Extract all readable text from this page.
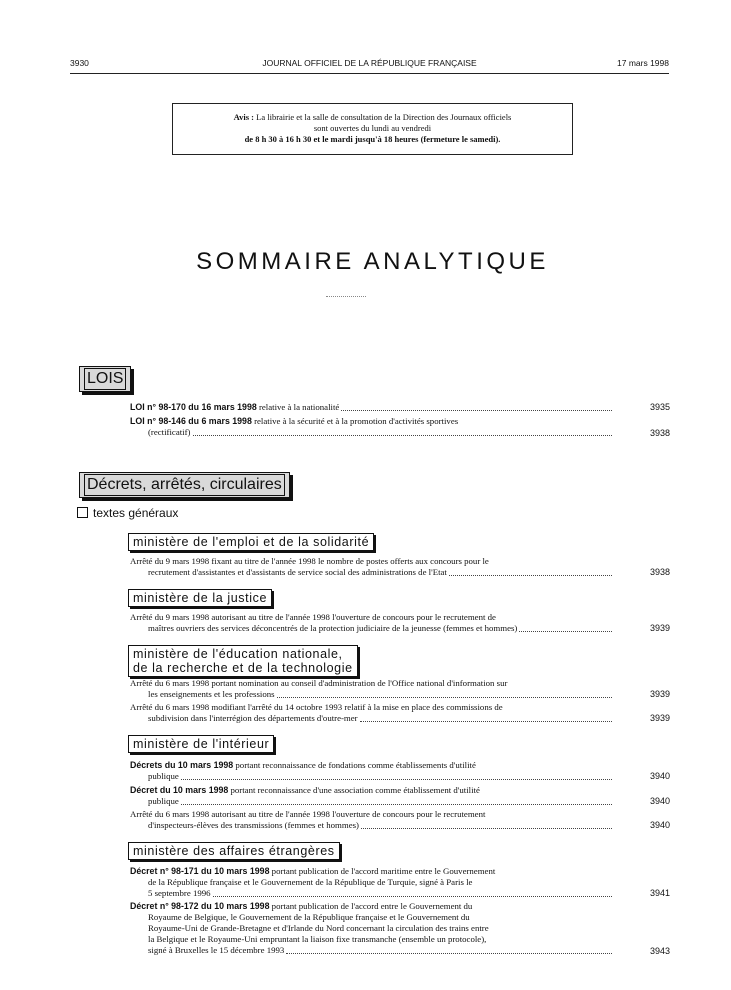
3930	JOURNAL OFFICIEL DE LA RÉPUBLIQUE FRANÇAISE	17 mars 1998
Avis : La librairie et la salle de consultation de la Direction des Journaux officiels
sont ouvertes du lundi au vendredi
de 8 h 30 à 16 h 30 et le mardi jusqu'à 18 heures (fermeture le samedi).
SOMMAIRE ANALYTIQUE
LOIS
LOI n° 98-170 du 16 mars 1998 relative à la nationalité	3935
LOI n° 98-146 du 6 mars 1998 relative à la sécurité et à la promotion d'activités sportives
(rectificatif)	3938
Décrets, arrêtés, circulaires
textes généraux
ministère de l'emploi et de la solidarité
Arrêté du 9 mars 1998 fixant au titre de l'année 1998 le nombre de postes offerts aux concours pour le
recrutement d'assistantes et d'assistants de service social des administrations de l'Etat	3938
ministère de la justice
Arrêté du 9 mars 1998 autorisant au titre de l'année 1998 l'ouverture de concours pour le recrutement de
maîtres ouvriers des services déconcentrés de la protection judiciaire de la jeunesse (femmes et hommes)	3939
ministère de l'éducation nationale,
de la recherche et de la technologie
Arrêté du 6 mars 1998 portant nomination au conseil d'administration de l'Office national d'information sur
les enseignements et les professions	3939
Arrêté du 6 mars 1998 modifiant l'arrêté du 14 octobre 1993 relatif à la mise en place des commissions de
subdivision dans l'interrégion des départements d'outre-mer	3939
ministère de l'intérieur
Décrets du 10 mars 1998 portant reconnaissance de fondations comme établissements d'utilité
publique	3940
Décret du 10 mars 1998 portant reconnaissance d'une association comme établissement d'utilité
publique	3940
Arrêté du 6 mars 1998 autorisant au titre de l'année 1998 l'ouverture de concours pour le recrutement
d'inspecteurs-élèves des transmissions (femmes et hommes)	3940
ministère des affaires étrangères
Décret n° 98-171 du 10 mars 1998 portant publication de l'accord maritime entre le Gouvernement
de la République française et le Gouvernement de la République de Turquie, signé à Paris le
5 septembre 1996	3941
Décret n° 98-172 du 10 mars 1998 portant publication de l'accord entre le Gouvernement du
Royaume de Belgique, le Gouvernement de la République française et le Gouvernement du
Royaume-Uni de Grande-Bretagne et d'Irlande du Nord concernant la circulation des trains entre
la Belgique et le Royaume-Uni empruntant la liaison fixe transmanche (ensemble un protocole),
signé à Bruxelles le 15 décembre 1993	3943
